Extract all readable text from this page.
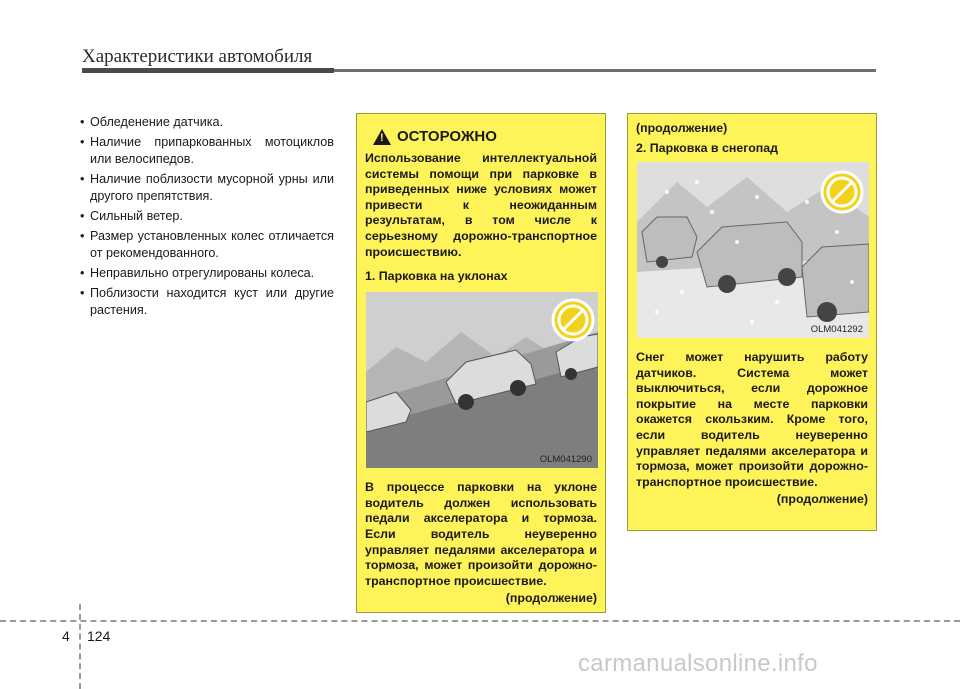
Характеристики автомобиля
• Обледенение датчика.
• Наличие припаркованных мотоциклов или велосипедов.
• Наличие поблизости мусорной урны или другого препятствия.
• Сильный ветер.
• Размер установленных колес отличается от рекомендованного.
• Неправильно отрегулированы колеса.
• Поблизости находится куст или другие растения.
! ОСТОРОЖНО

Использование интеллектуальной системы помощи при парковке в приведенных ниже условиях может привести к неожиданным результатам, в том числе к серьезному дорожно-транспортное происшествию.

1. Парковка на уклонах
OLM041290

В процессе парковки на уклоне водитель должен использовать педали акселератора и тормоза. Если водитель неуверенно управляет педалями акселератора и тормоза, может произойти дорожно-транспортное происшествие.

(продолжение)
(продолжение)
2. Парковка в снегопад
OLM041292

Снег может нарушить работу датчиков. Система может выключиться, если дорожное покрытие на месте парковки окажется скользким. Кроме того, если водитель неуверенно управляет педалями акселератора и тормоза, может произойти дорожно-транспортное происшествие.

(продолжение)
4 124
carmanualsonline.info
